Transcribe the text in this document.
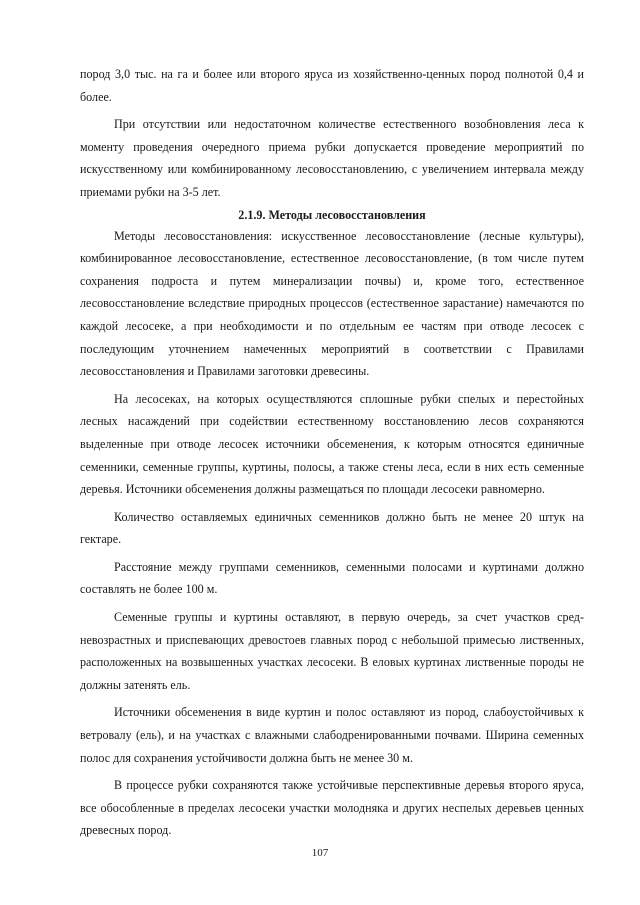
пород 3,0 тыс. на га и более или второго яруса из хозяйственно-ценных пород полнотой 0,4 и более.

При отсутствии или недостаточном количестве естественного возобновления леса к моменту проведения очередного приема рубки допускается проведение мероприятий по искусственному или комбинированному лесовосстановлению, с увеличением интервала между приемами рубки на 3-5 лет.

2.1.9. Методы лесовосстановления

Методы лесовосстановления: искусственное лесовосстановление (лесные культуры), комбинированное лесовосстановление, естественное лесовосстановление, (в том числе путем сохранения подроста и путем минерализации почвы) и, кроме того, естественное лесовосстановление вследствие природных процессов (естественное зарастание) намечаются по каждой лесосеке, а при необходимости и по отдельным ее частям при отводе лесосек с последующим уточнением намеченных мероприятий в соответствии с Правилами лесовосстановления и Правилами заготовки древесины.

На лесосеках, на которых осуществляются сплошные рубки спелых и перестойных лесных насаждений при содействии естественному восстановлению лесов сохраняются выделенные при отводе лесосек источники обсеменения, к которым относятся единичные семенники, семенные группы, куртины, полосы, а также стены леса, если в них есть семенные деревья. Источники обсеменения должны размещаться по площади лесосеки равномерно.

Количество оставляемых единичных семенников должно быть не менее 20 штук на гектаре.

Расстояние между группами семенников, семенными полосами и куртинами должно составлять не более 100 м.

Семенные группы и куртины оставляют, в первую очередь, за счет участков средневозрастных и приспевающих древостоев главных пород с небольшой примесью лиственных, расположенных на возвышенных участках лесосеки. В еловых куртинах лиственные породы не должны затенять ель.

Источники обсеменения в виде куртин и полос оставляют из пород, слабоустойчивых к ветровалу (ель), и на участках с влажными слабодренированными почвами. Ширина семенных полос для сохранения устойчивости должна быть не менее 30 м.

В процессе рубки сохраняются также устойчивые перспективные деревья второго яруса, все обособленные в пределах лесосеки участки молодняка и других неспелых деревьев ценных древесных пород.

107
